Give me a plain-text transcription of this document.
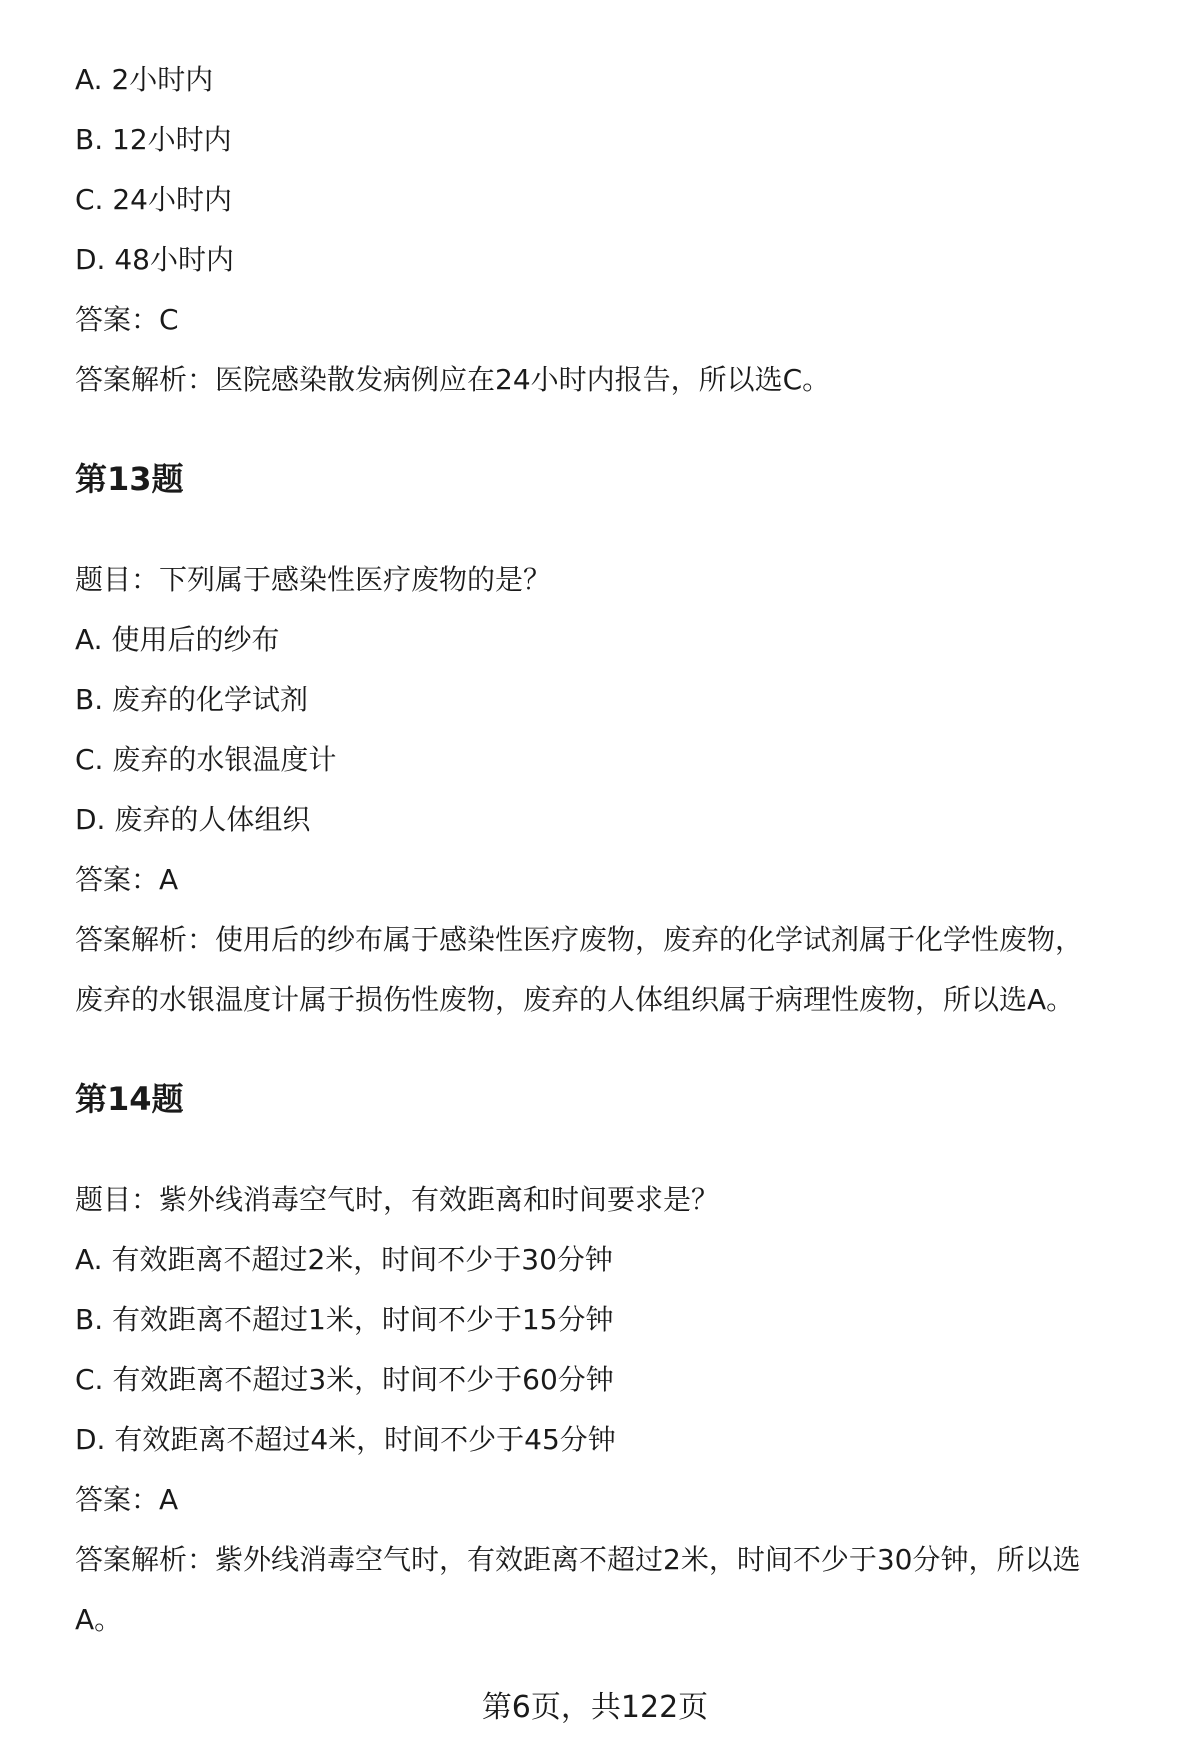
A. 2小时内
B. 12小时内
C. 24小时内
D. 48小时内
答案：C
答案解析：医院感染散发病例应在24小时内报告，所以选C。
第13题
题目：下列属于感染性医疗废物的是？
A. 使用后的纱布
B. 废弃的化学试剂
C. 废弃的水银温度计
D. 废弃的人体组织
答案：A
答案解析：使用后的纱布属于感染性医疗废物，废弃的化学试剂属于化学性废物，
废弃的水银温度计属于损伤性废物，废弃的人体组织属于病理性废物，所以选A。
第14题
题目：紫外线消毒空气时，有效距离和时间要求是？
A. 有效距离不超过2米，时间不少于30分钟
B. 有效距离不超过1米，时间不少于15分钟
C. 有效距离不超过3米，时间不少于60分钟
D. 有效距离不超过4米，时间不少于45分钟
答案：A
答案解析：紫外线消毒空气时，有效距离不超过2米，时间不少于30分钟，所以选
A。
第6页，共122页
